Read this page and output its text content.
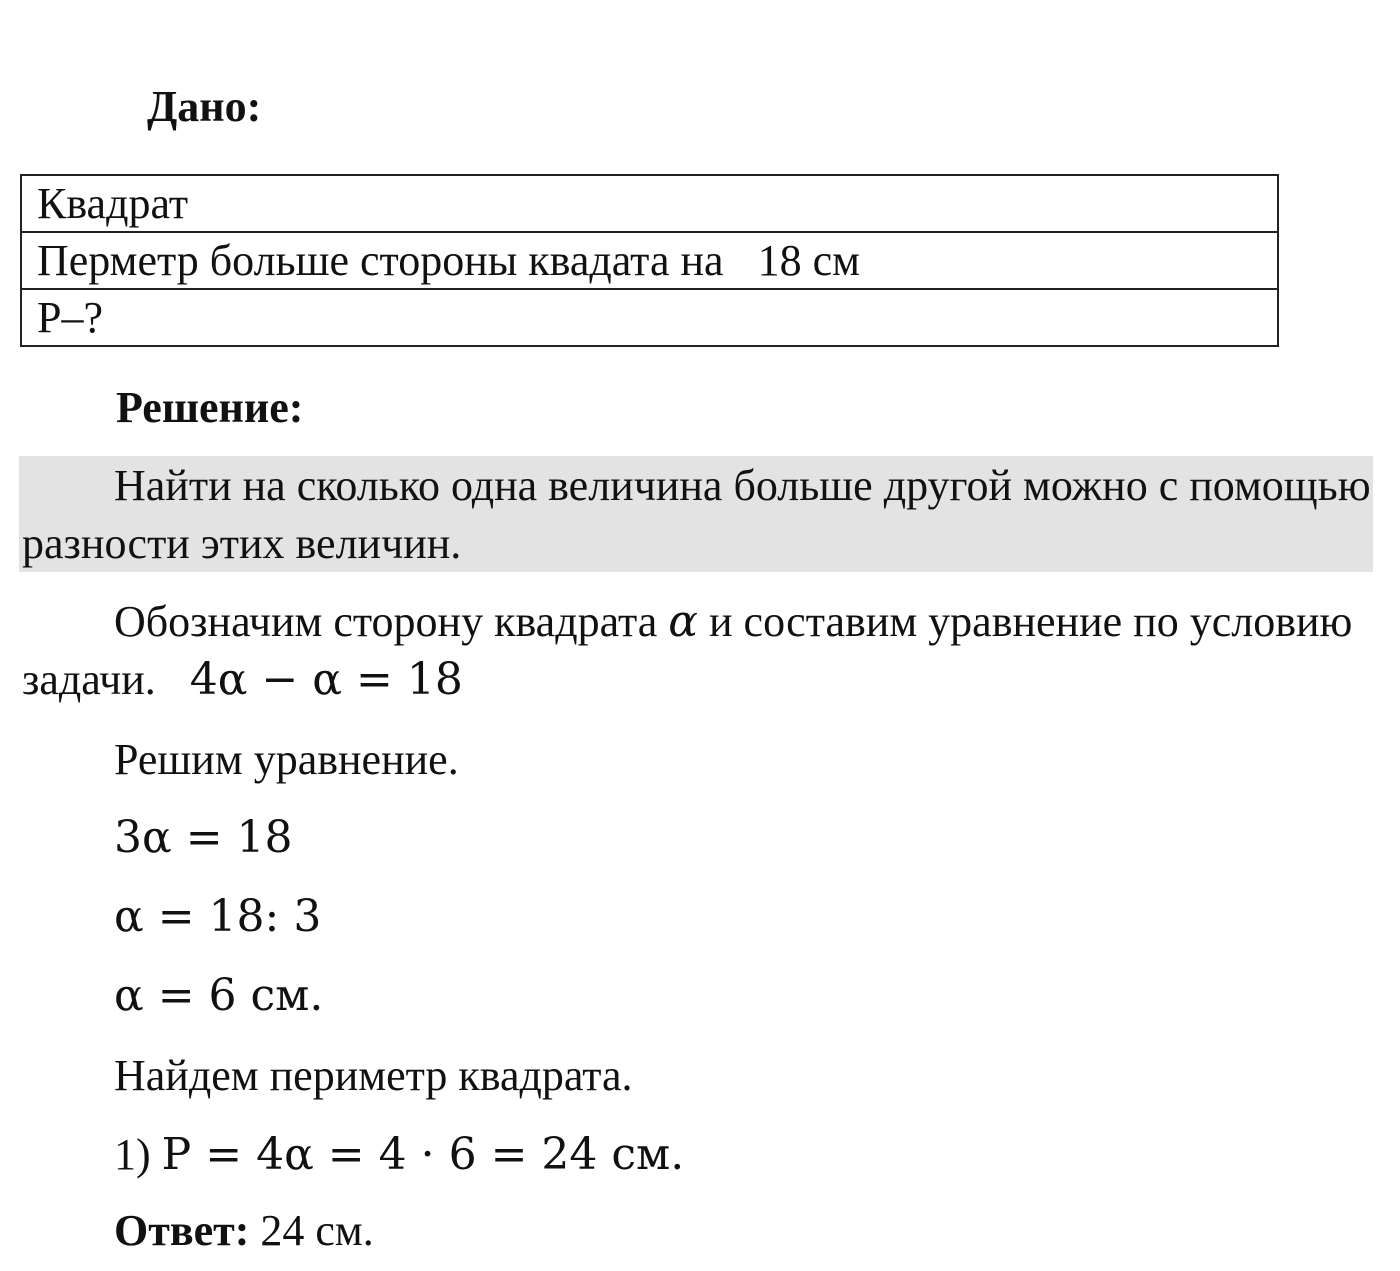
Дано:
Квадрат
Перметр больше стороны квадата на 18 см
Р–?
Решение:

Найти на сколько одна величина больше другой можно с помощью разности этих величин.

Обозначим сторону квадрата α и составим уравнение по условию задачи. 4α − α = 18

Решим уравнение.

3α = 18

α = 18: 3

α = 6 см.

Найдем периметр квадрата.

1) Р = 4α = 4 · 6 = 24 см.

Ответ: 24 см.
